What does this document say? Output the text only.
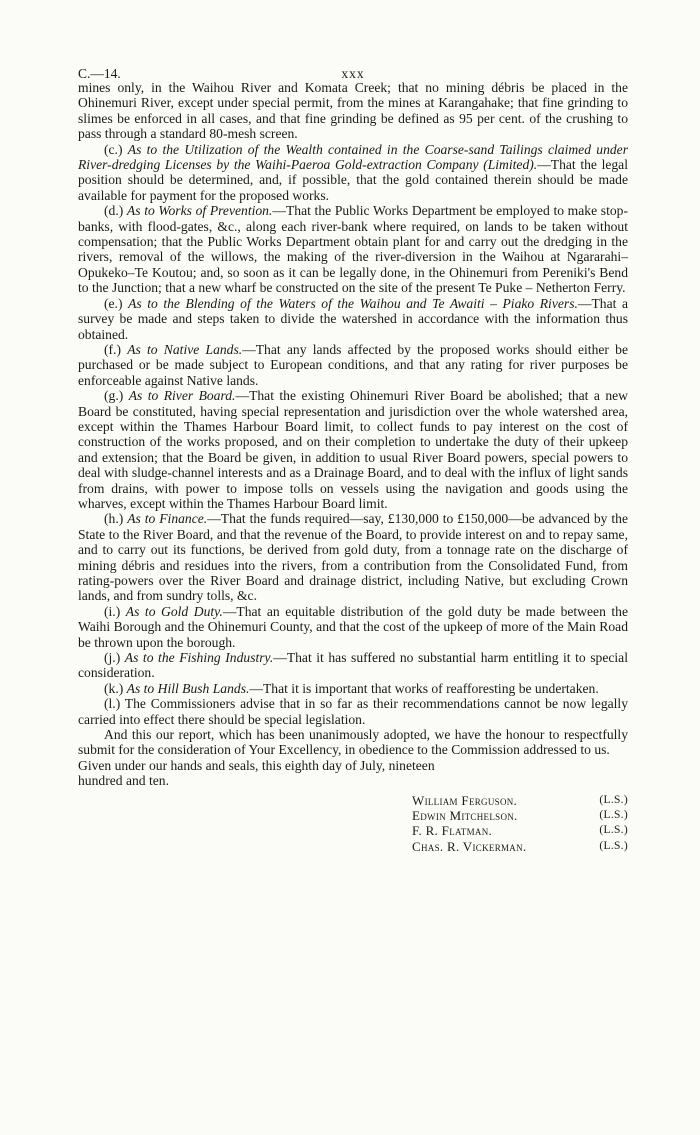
C.—14.	xxx

mines only, in the Waihou River and Komata Creek; that no mining débris be placed in the Ohinemuri River, except under special permit, from the mines at Karangahake; that fine grinding to slimes be enforced in all cases, and that fine grinding be defined as 95 per cent. of the crushing to pass through a standard 80-mesh screen.

(c.) As to the Utilization of the Wealth contained in the Coarse-sand Tailings claimed under River-dredging Licenses by the Waihi-Paeroa Gold-extraction Company (Limited).—That the legal position should be determined, and, if possible, that the gold contained therein should be made available for payment for the proposed works.

(d.) As to Works of Prevention.—That the Public Works Department be employed to make stop-banks, with flood-gates, &c., along each river-bank where required, on lands to be taken without compensation; that the Public Works Department obtain plant for and carry out the dredging in the rivers, removal of the willows, the making of the river-diversion in the Waihou at Ngararahi–Opukeko–Te Koutou; and, so soon as it can be legally done, in the Ohinemuri from Pereniki's Bend to the Junction; that a new wharf be constructed on the site of the present Te Puke – Netherton Ferry.

(e.) As to the Blending of the Waters of the Waihou and Te Awaiti – Piako Rivers.—That a survey be made and steps taken to divide the watershed in accordance with the information thus obtained.

(f.) As to Native Lands.—That any lands affected by the proposed works should either be purchased or be made subject to European conditions, and that any rating for river purposes be enforceable against Native lands.

(g.) As to River Board.—That the existing Ohinemuri River Board be abolished; that a new Board be constituted, having special representation and jurisdiction over the whole watershed area, except within the Thames Harbour Board limit, to collect funds to pay interest on the cost of construction of the works proposed, and on their completion to undertake the duty of their upkeep and extension; that the Board be given, in addition to usual River Board powers, special powers to deal with sludge-channel interests and as a Drainage Board, and to deal with the influx of light sands from drains, with power to impose tolls on vessels using the navigation and goods using the wharves, except within the Thames Harbour Board limit.

(h.) As to Finance.—That the funds required—say, £130,000 to £150,000—be advanced by the State to the River Board, and that the revenue of the Board, to provide interest on and to repay same, and to carry out its functions, be derived from gold duty, from a tonnage rate on the discharge of mining débris and residues into the rivers, from a contribution from the Consolidated Fund, from rating-powers over the River Board and drainage district, including Native, but excluding Crown lands, and from sundry tolls, &c.

(i.) As to Gold Duty.—That an equitable distribution of the gold duty be made between the Waihi Borough and the Ohinemuri County, and that the cost of the upkeep of more of the Main Road be thrown upon the borough.

(j.) As to the Fishing Industry.—That it has suffered no substantial harm entitling it to special consideration.

(k.) As to Hill Bush Lands.—That it is important that works of reafforesting be undertaken.

(l.) The Commissioners advise that in so far as their recommendations cannot be now legally carried into effect there should be special legislation.

And this our report, which has been unanimously adopted, we have the honour to respectfully submit for the consideration of Your Excellency, in obedience to the Commission addressed to us.

Given under our hands and seals, this eighth day of July, nineteen

hundred and ten.

William Ferguson.	(L.S.)
Edwin Mitchelson.	(L.S.)
F. R. Flatman.	(L.S.)
Chas. R. Vickerman.	(L.S.)
